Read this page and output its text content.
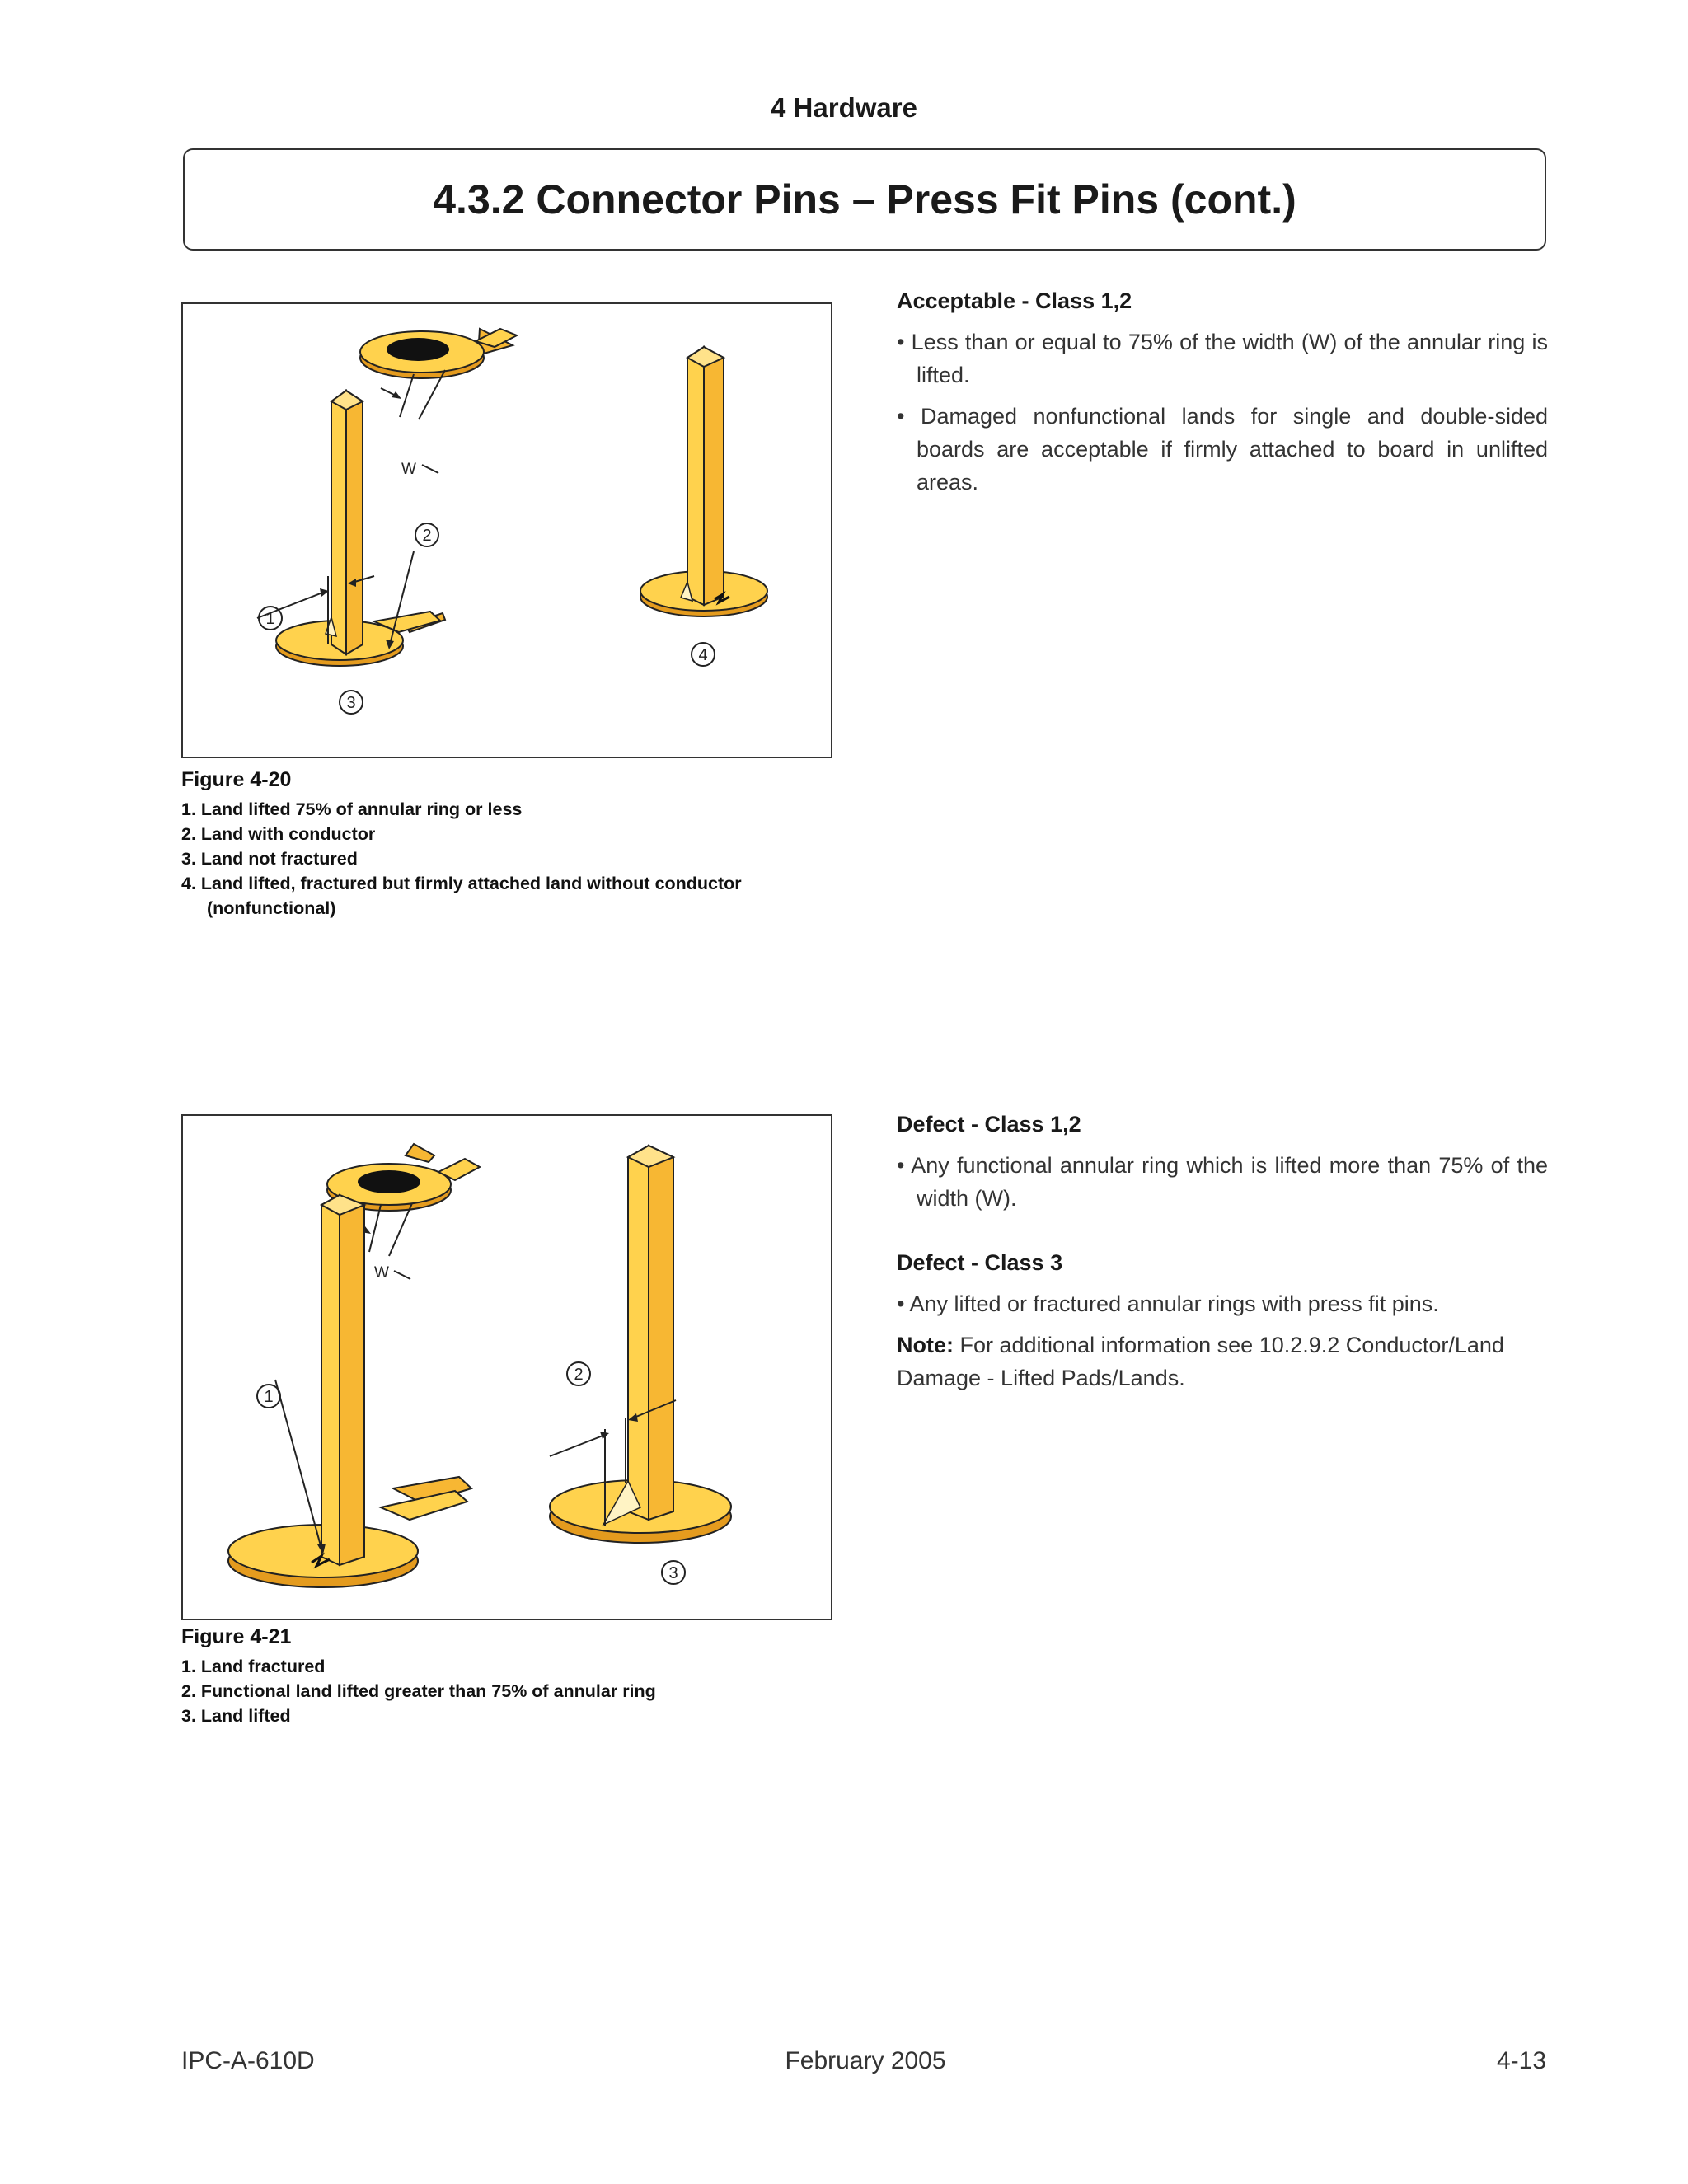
4 Hardware
4.3.2 Connector Pins – Press Fit Pins (cont.)
W
1
2
3
4
Figure 4-20
1. Land lifted 75% of annular ring or less
2. Land with conductor
3. Land not fractured
4. Land lifted, fractured but firmly attached land without conductor (nonfunctional)
Acceptable - Class 1,2
• Less than or equal to 75% of the width (W) of the annular ring is lifted.
• Damaged nonfunctional lands for single and double-sided boards are acceptable if firmly attached to board in unlifted areas.
W
1
2
3
Figure 4-21
1. Land fractured
2. Functional land lifted greater than 75% of annular ring
3. Land lifted
Defect - Class 1,2
• Any functional annular ring which is lifted more than 75% of the width (W).
Defect - Class 3
• Any lifted or fractured annular rings with press fit pins.
Note: For additional information see 10.2.9.2 Conductor/Land Damage - Lifted Pads/Lands.
IPC-A-610D	February 2005	4-13
